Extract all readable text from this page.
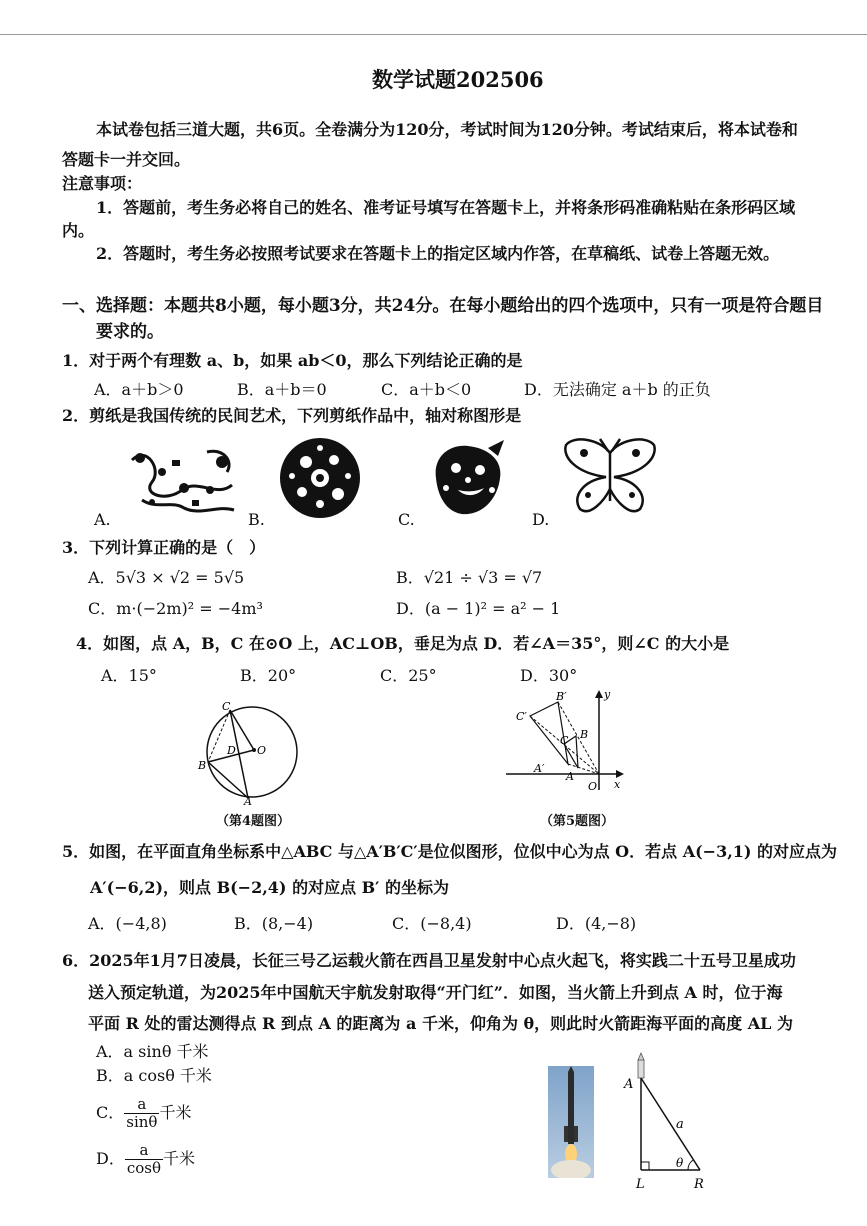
数学试题202506
本试卷包括三道大题，共6页。全卷满分为120分，考试时间为120分钟。考试结束后，将本试卷和
答题卡一并交回。
注意事项：
1．答题前，考生务必将自己的姓名、准考证号填写在答题卡上，并将条形码准确粘贴在条形码区域
内。
2．答题时，考生务必按照考试要求在答题卡上的指定区域内作答，在草稿纸、试卷上答题无效。
一、选择题：本题共8小题，每小题3分，共24分。在每小题给出的四个选项中，只有一项是符合题目
要求的。
1．对于两个有理数 a、b，如果 ab＜0，那么下列结论正确的是
A．a＋b＞0	B．a＋b＝0	C．a＋b＜0	D．无法确定 a＋b 的正负
2．剪纸是我国传统的民间艺术，下列剪纸作品中，轴对称图形是
A.	B.	C.	D.
3．下列计算正确的是（　）
A．5√3 × √2 = 5√5	B．√21 ÷ √3 = √7
C．m·(−2m)² = −4m³	D．(a − 1)² = a² − 1
4．如图，点 A，B，C 在⊙O 上，AC⊥OB，垂足为点 D．若∠A＝35°，则∠C 的大小是
A．15°	B．20°	C．25°	D．30°
C
D O
B
A
（第4题图）
y
x
O
B′
C′
C B
A′
A
（第5题图）
5．如图，在平面直角坐标系中△ABC 与△A′B′C′是位似图形，位似中心为点 O．若点 A(−3,1) 的对应点为
A′(−6,2)，则点 B(−2,4) 的对应点 B′ 的坐标为
A．(−4,8)	B．(8,−4)	C．(−8,4)	D．(4,−8)
6．2025年1月7日凌晨，长征三号乙运载火箭在西昌卫星发射中心点火起飞，将实践二十五号卫星成功
送入预定轨道，为2025年中国航天宇航发射取得“开门红”．如图，当火箭上升到点 A 时，位于海
平面 R 处的雷达测得点 R 到点 A 的距离为 a 千米，仰角为 θ，则此时火箭距海平面的高度 AL 为
A．a sinθ 千米
B．a cosθ 千米
C． $\frac{a}{\sin\theta}$ 千米
D． $\frac{a}{\cos\theta}$ 千米
A
a
θ
L	R
